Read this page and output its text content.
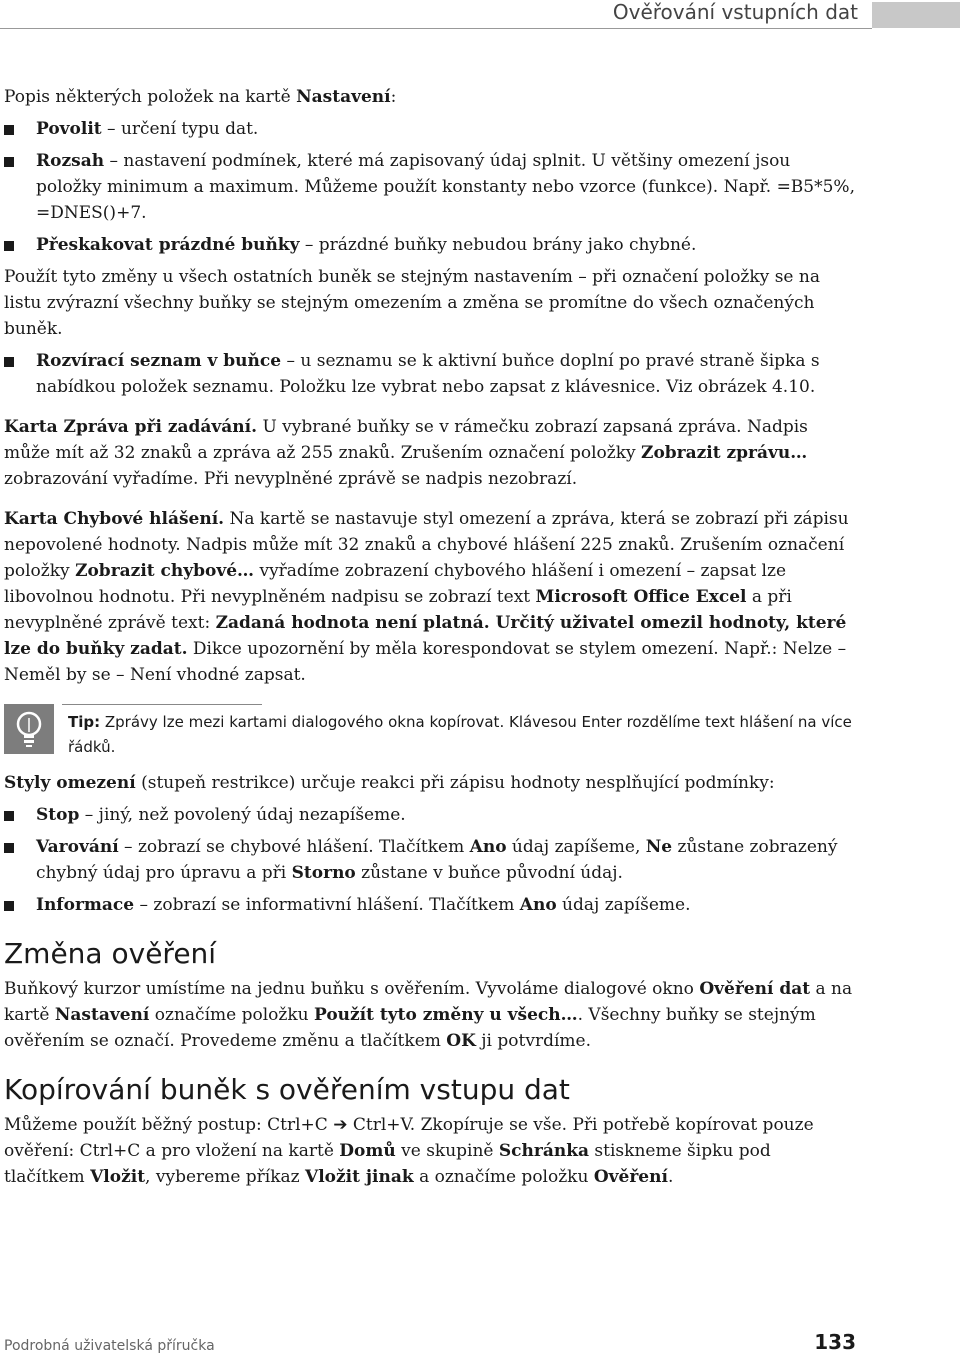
Ověřování vstupních dat

Popis některých položek na kartě Nastavení:

Povolit – určení typu dat.
Rozsah – nastavení podmínek, které má zapisovaný údaj splnit. U většiny omezení jsou položky minimum a maximum. Můžeme použít konstanty nebo vzorce (funkce). Např. =B5*5%, =DNES()+7.
Přeskakovat prázdné buňky – prázdné buňky nebudou brány jako chybné.

Použít tyto změny u všech ostatních buněk se stejným nastavením – při označení položky se na listu zvýrazní všechny buňky se stejným omezením a změna se promítne do všech označených buněk.

Rozvírací seznam v buňce – u seznamu se k aktivní buňce doplní po pravé straně šipka s nabídkou položek seznamu. Položku lze vybrat nebo zapsat z klávesnice. Viz obrázek 4.10.

Karta Zpráva při zadávání. U vybrané buňky se v rámečku zobrazí zapsaná zpráva. Nadpis může mít až 32 znaků a zpráva až 255 znaků. Zrušením označení položky Zobrazit zprávu… zobrazování vyřadíme. Při nevyplněné zprávě se nadpis nezobrazí.

Karta Chybové hlášení. Na kartě se nastavuje styl omezení a zpráva, která se zobrazí při zápisu nepovolené hodnoty. Nadpis může mít 32 znaků a chybové hlášení 225 znaků. Zrušením označení položky Zobrazit chybové… vyřadíme zobrazení chybového hlášení i omezení – zapsat lze libovolnou hodnotu. Při nevyplněném nadpisu se zobrazí text Microsoft Office Excel a při nevyplněné zprávě text: Zadaná hodnota není platná. Určitý uživatel omezil hodnoty, které lze do buňky zadat. Dikce upozornění by měla korespondovat se stylem omezení. Např.: Nelze – Neměl by se – Není vhodné zapsat.

Tip: Zprávy lze mezi kartami dialogového okna kopírovat. Klávesou Enter rozdělíme text hlášení na více řádků.

Styly omezení (stupeň restrikce) určuje reakci při zápisu hodnoty nesplňující podmínky:

Stop – jiný, než povolený údaj nezapíšeme.
Varování – zobrazí se chybové hlášení. Tlačítkem Ano údaj zapíšeme, Ne zůstane zobrazený chybný údaj pro úpravu a při Storno zůstane v buňce původní údaj.
Informace – zobrazí se informativní hlášení. Tlačítkem Ano údaj zapíšeme.
Změna ověření

Buňkový kurzor umístíme na jednu buňku s ověřením. Vyvoláme dialogové okno Ověření dat a na kartě Nastavení označíme položku Použít tyto změny u všech…. Všechny buňky se stejným ověřením se označí. Provedeme změnu a tlačítkem OK ji potvrdíme.

Kopírování buněk s ověřením vstupu dat

Můžeme použít běžný postup: Ctrl+C ➔ Ctrl+V. Zkopíruje se vše. Při potřebě kopírovat pouze ověření: Ctrl+C a pro vložení na kartě Domů ve skupině Schránka stiskneme šipku pod tlačítkem Vložit, vybereme příkaz Vložit jinak a označíme položku Ověření.

Podrobná uživatelská příručka	133
